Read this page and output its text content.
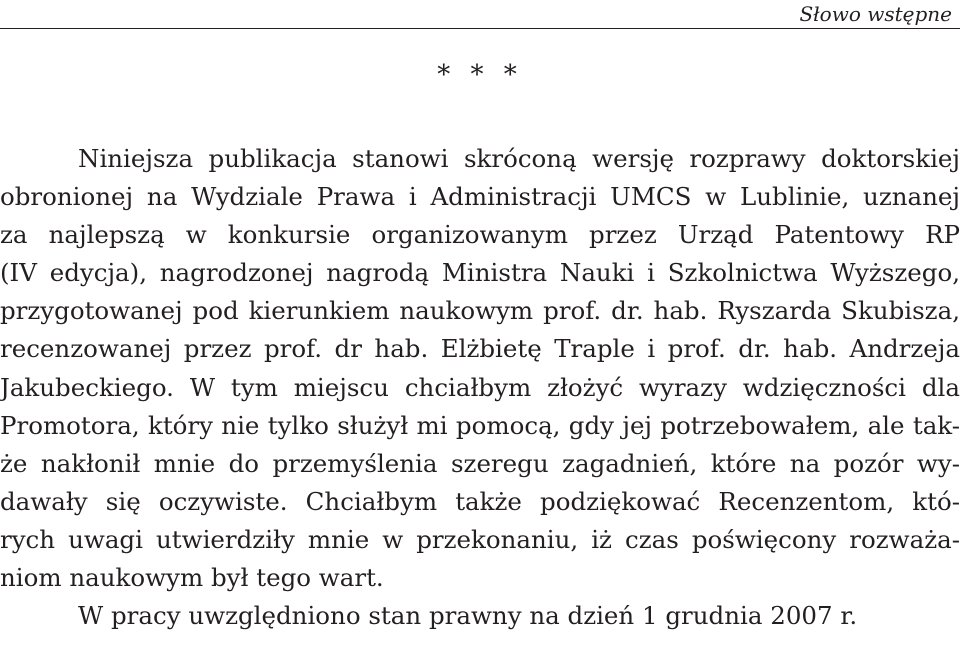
Słowo wstępne
* * *
Niniejsza publikacja stanowi skróconą wersję rozprawy doktorskiej
obronionej na Wydziale Prawa i Administracji UMCS w Lublinie, uznanej
za najlepszą w konkursie organizowanym przez Urząd Patentowy RP
(IV edycja), nagrodzonej nagrodą Ministra Nauki i Szkolnictwa Wyższego,
przygotowanej pod kierunkiem naukowym prof. dr. hab. Ryszarda Skubisza,
recenzowanej przez prof. dr hab. Elżbietę Traple i prof. dr. hab. Andrzeja
Jakubeckiego. W tym miejscu chciałbym złożyć wyrazy wdzięczności dla
Promotora, który nie tylko służył mi pomocą, gdy jej potrzebowałem, ale tak-
że nakłonił mnie do przemyślenia szeregu zagadnień, które na pozór wy-
dawały się oczywiste. Chciałbym także podziękować Recenzentom, któ-
rych uwagi utwierdziły mnie w przekonaniu, iż czas poświęcony rozważa-
niom naukowym był tego wart.
W pracy uwzględniono stan prawny na dzień 1 grudnia 2007 r.
